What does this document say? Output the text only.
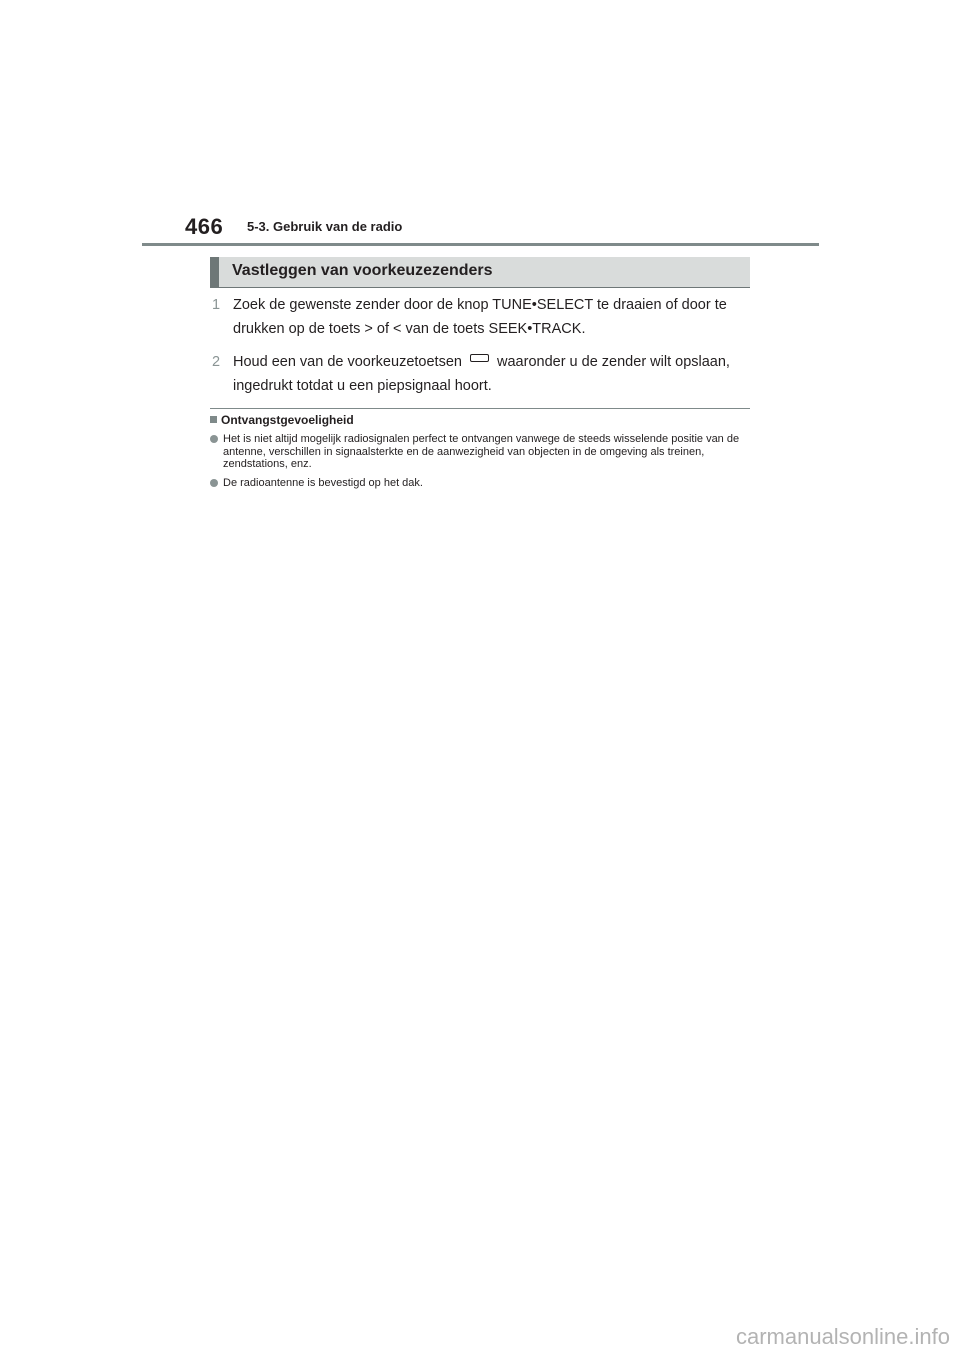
466 5-3. Gebruik van de radio
Vastleggen van voorkeuzezenders
1 Zoek de gewenste zender door de knop TUNE•SELECT te draaien of door te drukken op de toets > of < van de toets SEEK•TRACK.
2 Houd een van de voorkeuzetoetsen waaronder u de zender wilt opslaan, ingedrukt totdat u een piepsignaal hoort.
Ontvangstgevoeligheid
Het is niet altijd mogelijk radiosignalen perfect te ontvangen vanwege de steeds wisselende positie van de antenne, verschillen in signaalsterkte en de aanwezigheid van objecten in de omgeving als treinen, zendstations, enz.
De radioantenne is bevestigd op het dak.
carmanualsonline.info
